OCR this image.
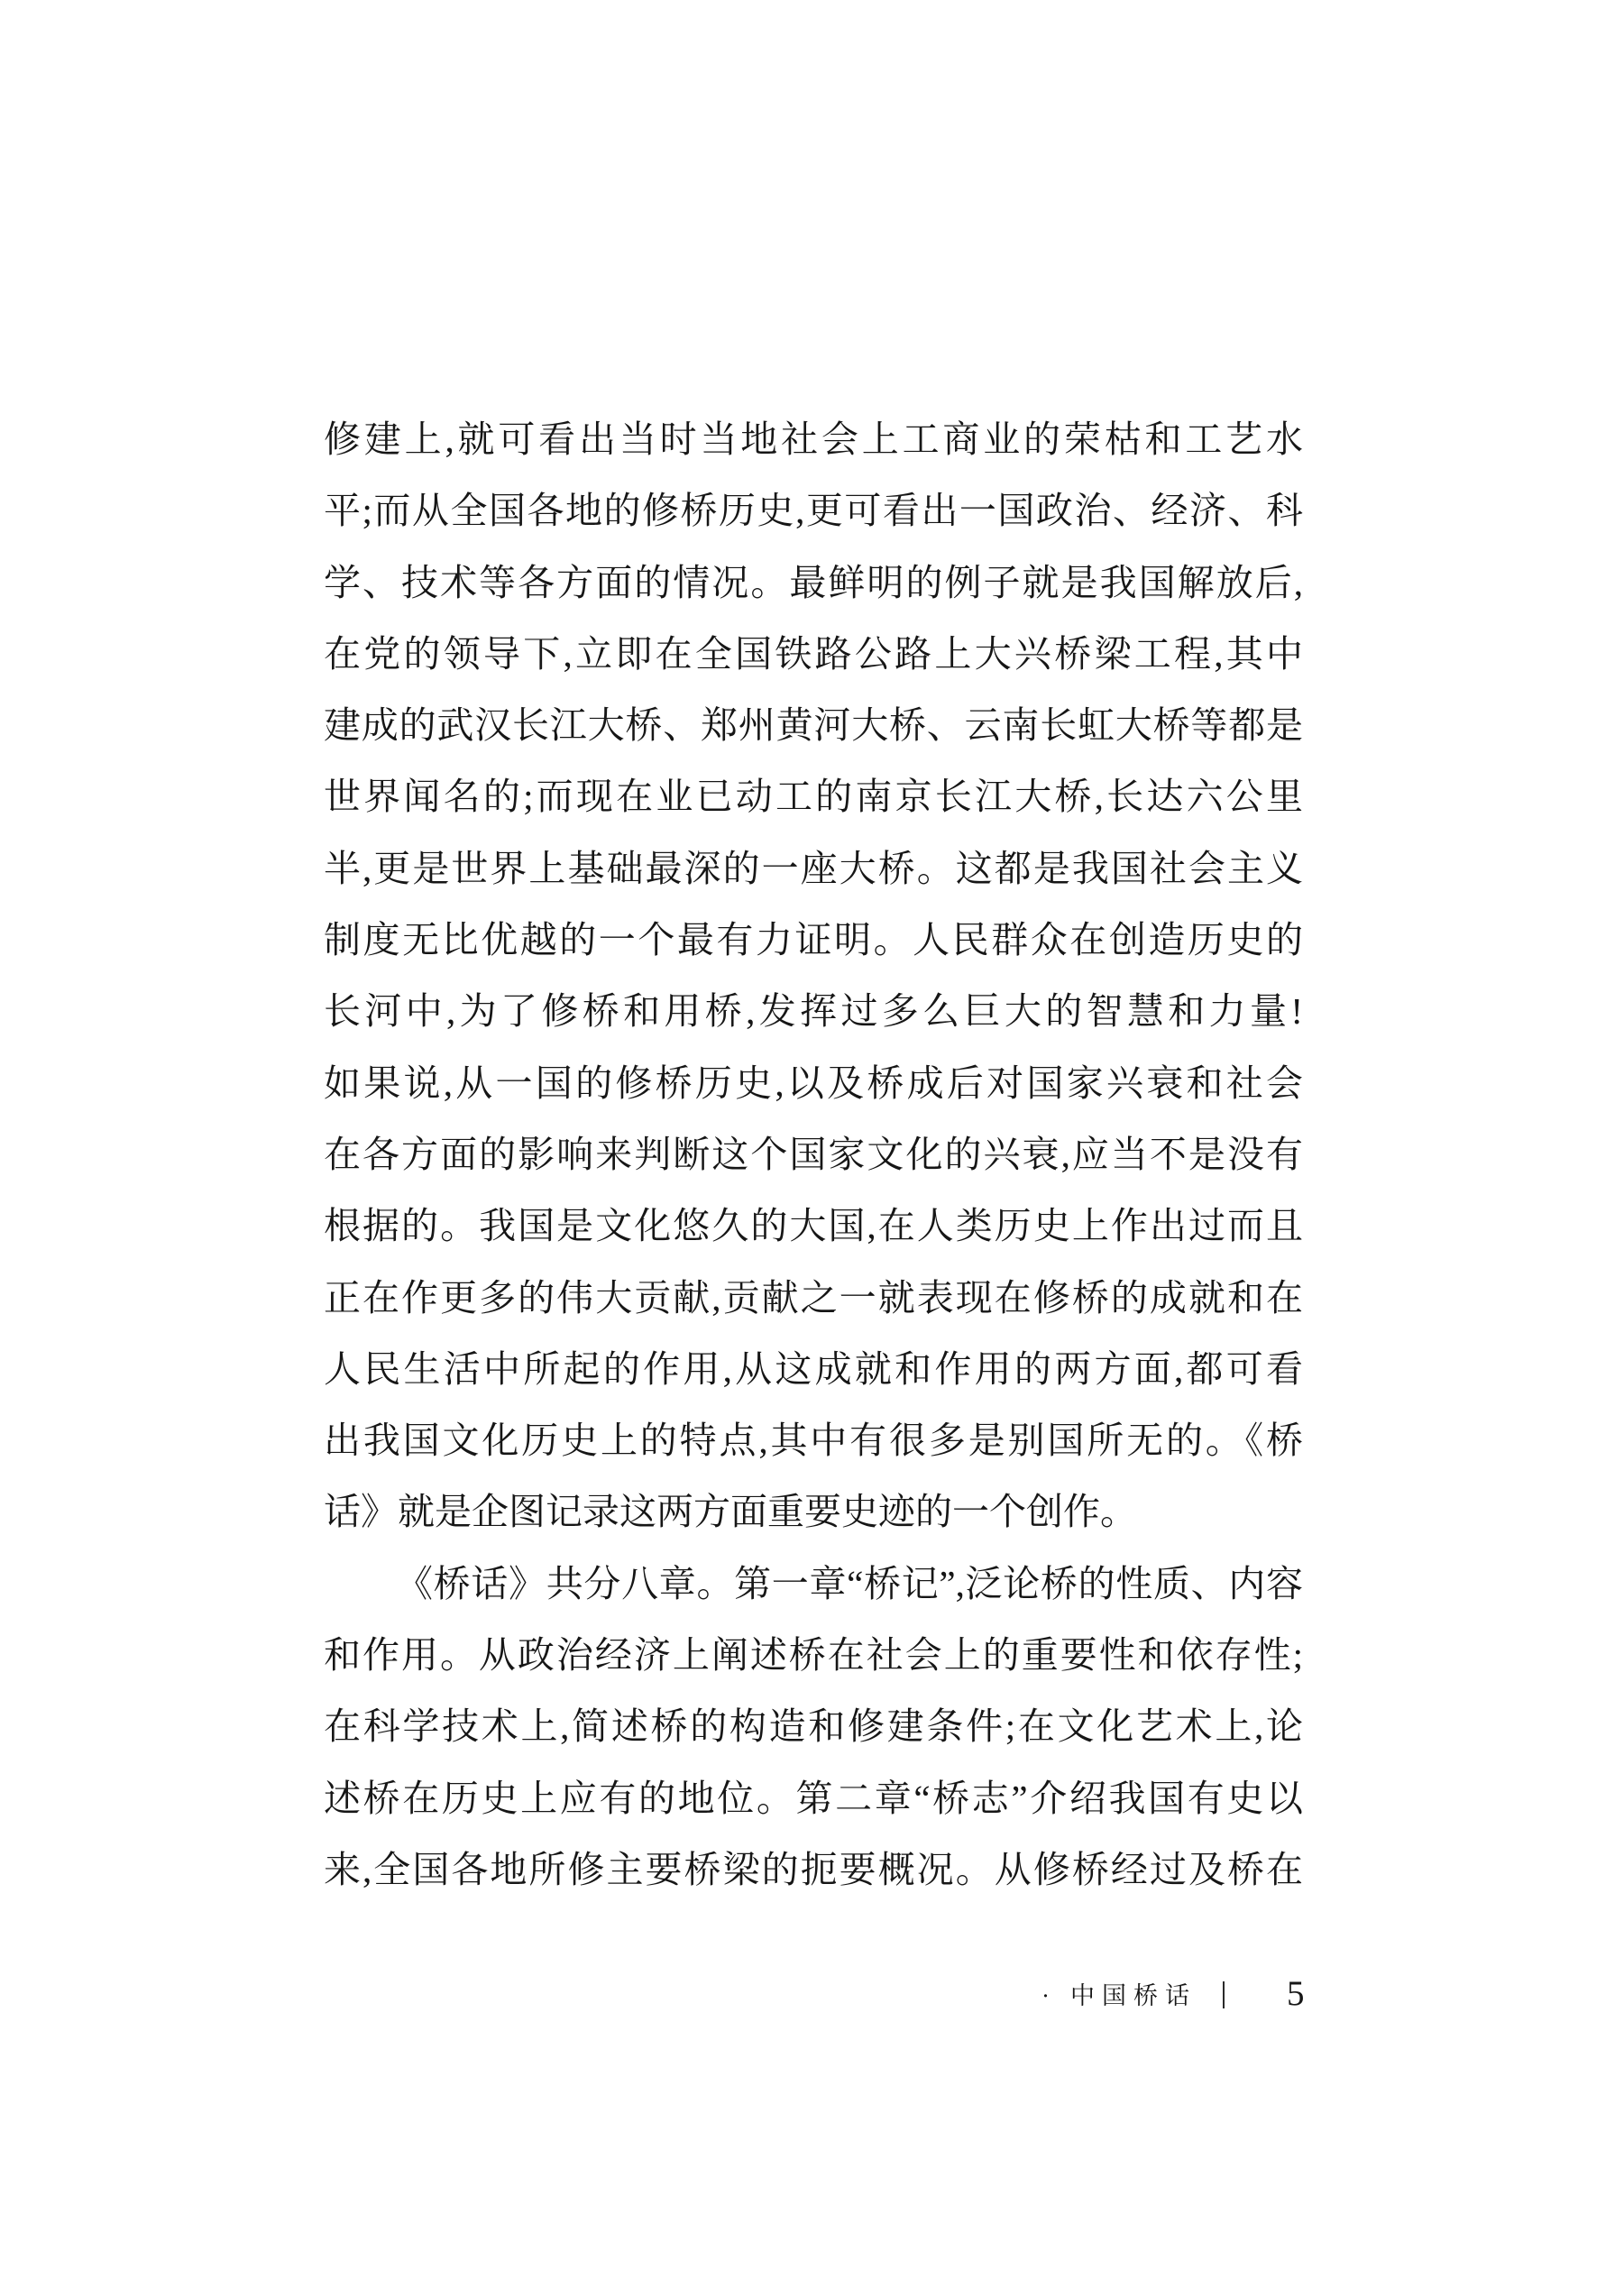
修建上,就可看出当时当地社会上工商业的荣枯和工艺水
平;而从全国各地的修桥历史,更可看出一国政治、经济、科
学、技术等各方面的情况。最鲜明的例子就是我国解放后,
在党的领导下,立即在全国铁路公路上大兴桥梁工程,其中
建成的武汉长江大桥、郑州黄河大桥、云南长虹大桥等都是
世界闻名的;而现在业已动工的南京长江大桥,长达六公里
半,更是世界上基础最深的一座大桥。这都是我国社会主义
制度无比优越的一个最有力证明。人民群众在创造历史的
长河中,为了修桥和用桥,发挥过多么巨大的智慧和力量!
如果说,从一国的修桥历史,以及桥成后对国家兴衰和社会
在各方面的影响来判断这个国家文化的兴衰,应当不是没有
根据的。我国是文化悠久的大国,在人类历史上作出过而且
正在作更多的伟大贡献,贡献之一就表现在修桥的成就和在
人民生活中所起的作用,从这成就和作用的两方面,都可看
出我国文化历史上的特点,其中有很多是别国所无的。《桥
话》就是企图记录这两方面重要史迹的一个创作。
《桥话》共分八章。第一章“桥记”,泛论桥的性质、内容
和作用。从政治经济上阐述桥在社会上的重要性和依存性;
在科学技术上,简述桥的构造和修建条件;在文化艺术上,论
述桥在历史上应有的地位。第二章“桥志”介绍我国有史以
来,全国各地所修主要桥梁的扼要概况。从修桥经过及桥在
· 中国桥话	5
